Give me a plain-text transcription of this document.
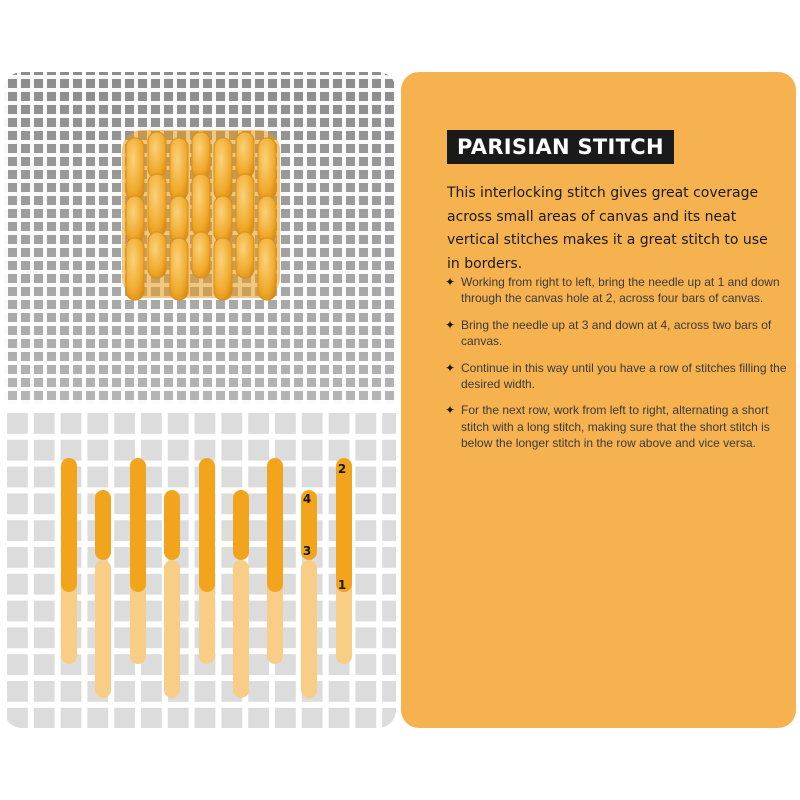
2
1
4
3
PARISIAN STITCH
This interlocking stitch gives great coverage across small areas of canvas and its neat vertical stitches makes it a great stitch to use in borders.
✦ Working from right to left, bring the needle up at 1 and down through the canvas hole at 2, across four bars of canvas.
✦ Bring the needle up at 3 and down at 4, across two bars of canvas.
✦ Continue in this way until you have a row of stitches filling the desired width.
✦ For the next row, work from left to right, alternating a short stitch with a long stitch, making sure that the short stitch is below the longer stitch in the row above and vice versa.
